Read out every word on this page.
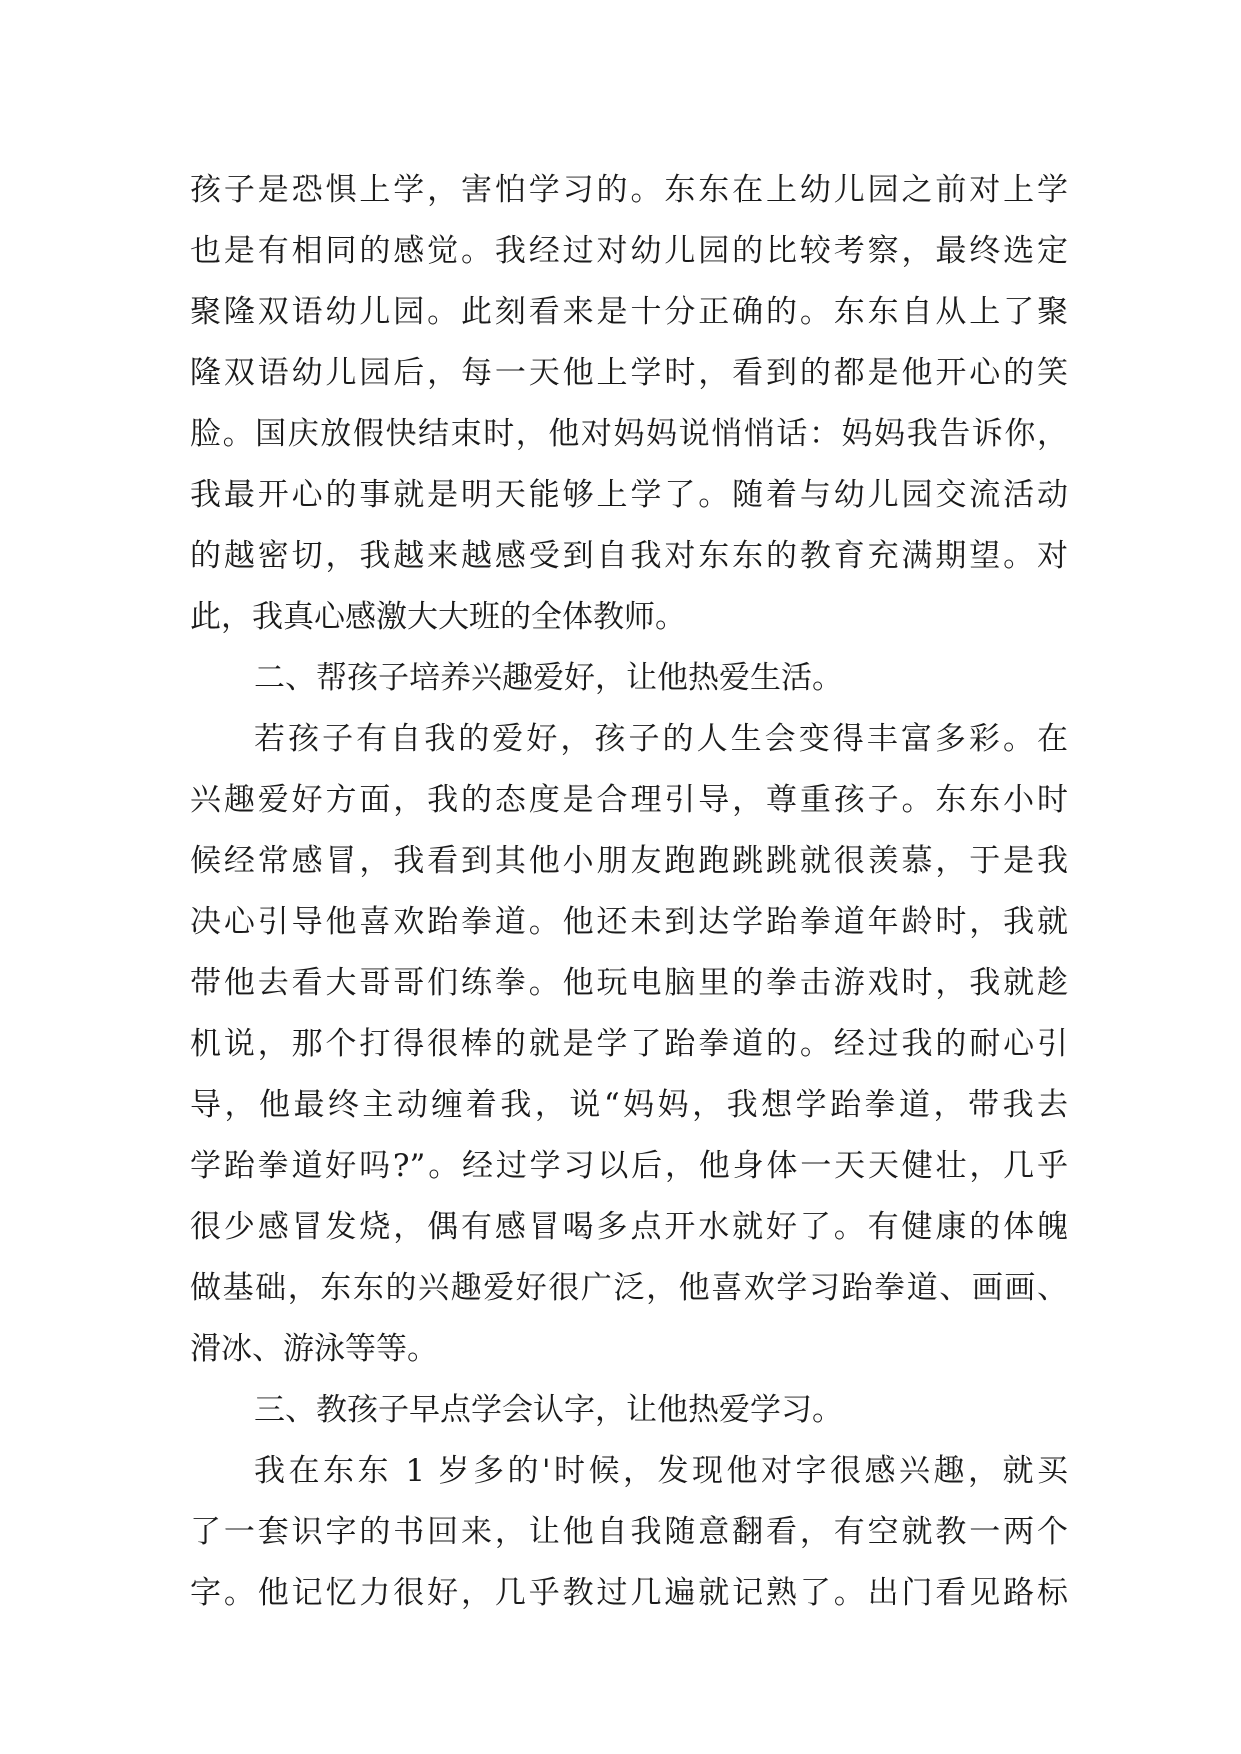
孩子是恐惧上学，害怕学习的。东东在上幼儿园之前对上学
也是有相同的感觉。我经过对幼儿园的比较考察，最终选定
聚隆双语幼儿园。此刻看来是十分正确的。东东自从上了聚
隆双语幼儿园后，每一天他上学时，看到的都是他开心的笑
脸。国庆放假快结束时，他对妈妈说悄悄话：妈妈我告诉你，
我最开心的事就是明天能够上学了。随着与幼儿园交流活动
的越密切，我越来越感受到自我对东东的教育充满期望。对
此，我真心感激大大班的全体教师。
二、帮孩子培养兴趣爱好，让他热爱生活。
若孩子有自我的爱好，孩子的人生会变得丰富多彩。在
兴趣爱好方面，我的态度是合理引导，尊重孩子。东东小时
候经常感冒，我看到其他小朋友跑跑跳跳就很羡慕，于是我
决心引导他喜欢跆拳道。他还未到达学跆拳道年龄时，我就
带他去看大哥哥们练拳。他玩电脑里的拳击游戏时，我就趁
机说，那个打得很棒的就是学了跆拳道的。经过我的耐心引
导，他最终主动缠着我，说“妈妈，我想学跆拳道，带我去
学跆拳道好吗?”。经过学习以后，他身体一天天健壮，几乎
很少感冒发烧，偶有感冒喝多点开水就好了。有健康的体魄
做基础，东东的兴趣爱好很广泛，他喜欢学习跆拳道、画画、
滑冰、游泳等等。
三、教孩子早点学会认字，让他热爱学习。
我在东东 1 岁多的'时候，发现他对字很感兴趣，就买
了一套识字的书回来，让他自我随意翻看，有空就教一两个
字。他记忆力很好，几乎教过几遍就记熟了。出门看见路标
